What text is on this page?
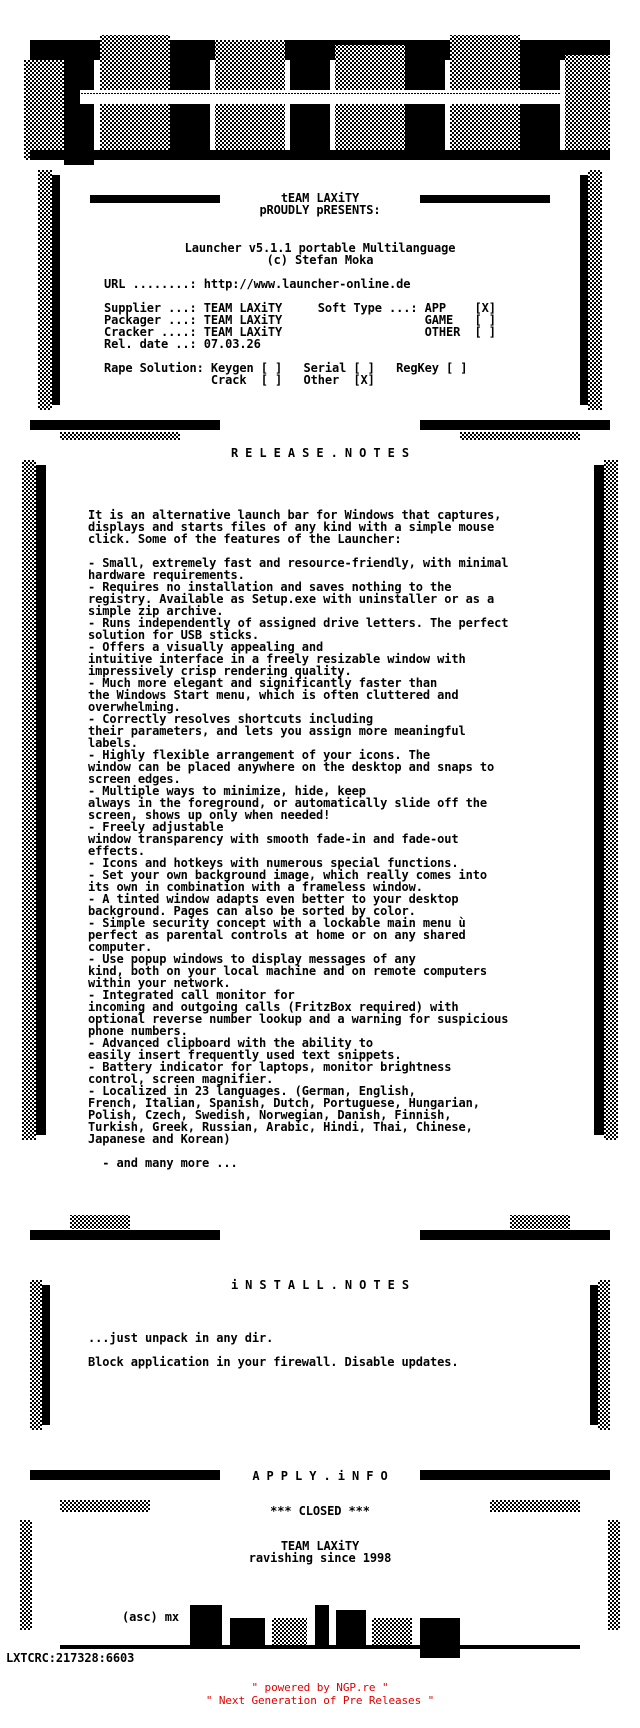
tEAM LAXiTY

pROUDLY pRESENTS:

Launcher v5.1.1 portable Multilanguage

(c) Stefan Moka

URL ........: http://www.launcher-online.de

Supplier ...: TEAM LAXiTY     Soft Type ...: APP    [X]

Packager ...: TEAM LAXiTY                    GAME   [ ]

Cracker ....: TEAM LAXiTY                    OTHER  [ ]

Rel. date ..: 07.03.26

Rape Solution: Keygen [ ]   Serial [ ]   RegKey [ ]

Crack  [ ]   Other  [X]

R E L E A S E . N O T E S

It is an alternative launch bar for Windows that captures,

displays and starts files of any kind with a simple mouse

click. Some of the features of the Launcher:

- Small, extremely fast and resource-friendly, with minimal

hardware requirements.

- Requires no installation and saves nothing to the

registry. Available as Setup.exe with uninstaller or as a

simple zip archive.

- Runs independently of assigned drive letters. The perfect

solution for USB sticks.

- Offers a visually appealing and

intuitive interface in a freely resizable window with

impressively crisp rendering quality.

- Much more elegant and significantly faster than

the Windows Start menu, which is often cluttered and

overwhelming.

- Correctly resolves shortcuts including

their parameters, and lets you assign more meaningful

labels.

- Highly flexible arrangement of your icons. The

window can be placed anywhere on the desktop and snaps to

screen edges.

- Multiple ways to minimize, hide, keep

always in the foreground, or automatically slide off the

screen, shows up only when needed!

- Freely adjustable

window transparency with smooth fade-in and fade-out

effects.

- Icons and hotkeys with numerous special functions.

- Set your own background image, which really comes into

its own in combination with a frameless window.

- A tinted window adapts even better to your desktop

background. Pages can also be sorted by color.

- Simple security concept with a lockable main menu ù

perfect as parental controls at home or on any shared

computer.

- Use popup windows to display messages of any

kind, both on your local machine and on remote computers

within your network.

- Integrated call monitor for

incoming and outgoing calls (FritzBox required) with

optional reverse number lookup and a warning for suspicious

phone numbers.

- Advanced clipboard with the ability to

easily insert frequently used text snippets.

- Battery indicator for laptops, monitor brightness

control, screen magnifier.

- Localized in 23 languages. (German, English,

French, Italian, Spanish, Dutch, Portuguese, Hungarian,

Polish, Czech, Swedish, Norwegian, Danish, Finnish,

Turkish, Greek, Russian, Arabic, Hindi, Thai, Chinese,

Japanese and Korean)

- and many more ...

i N S T A L L . N O T E S

...just unpack in any dir.

Block application in your firewall. Disable updates.

A P P L Y . i N F O

*** CLOSED ***

TEAM LAXiTY

ravishing since 1998

(asc) mx

LXTCRC:217328:6603

" powered by NGP.re "

" Next Generation of Pre Releases "
